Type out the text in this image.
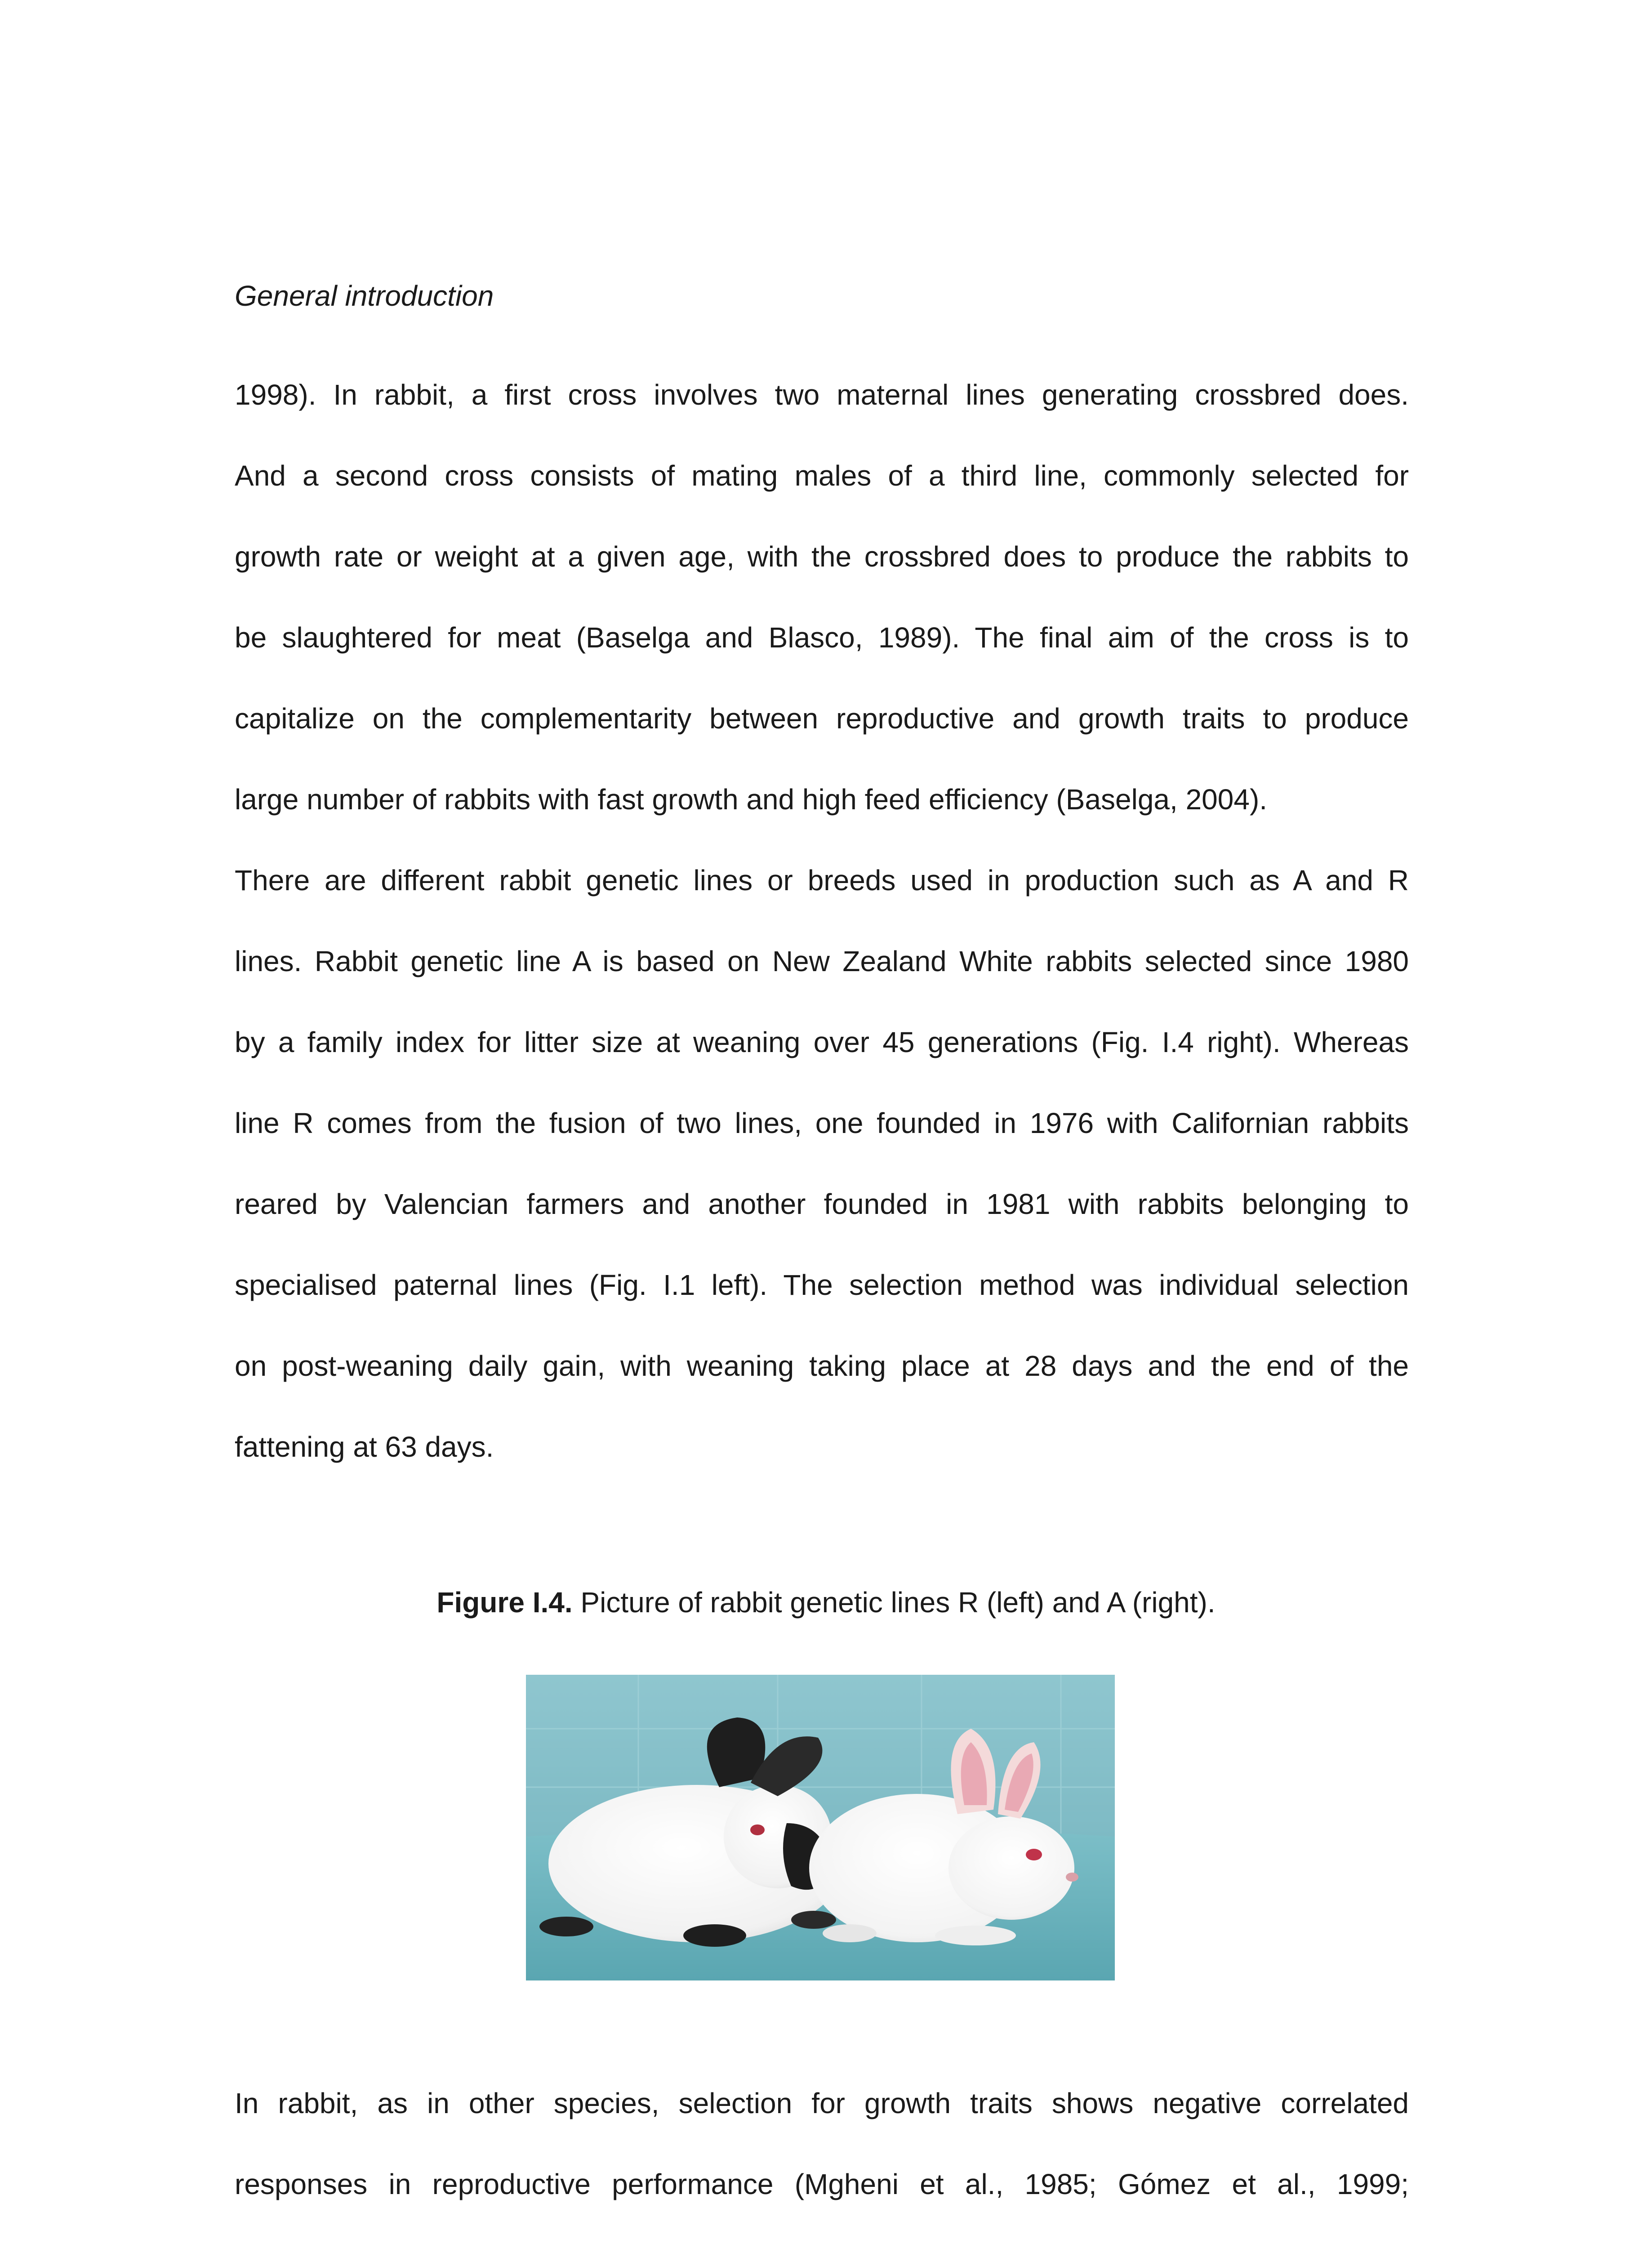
General introduction
1998). In rabbit, a first cross involves two maternal lines generating crossbred does.
And a second cross consists of mating males of a third line, commonly selected for
growth rate or weight at a given age, with the crossbred does to produce the rabbits to
be slaughtered for meat (Baselga and Blasco, 1989). The final aim of the cross is to
capitalize on the complementarity between reproductive and growth traits to produce
large number of rabbits with fast growth and high feed efficiency (Baselga, 2004).
There are different rabbit genetic lines or breeds used in production such as A and R
lines. Rabbit genetic line A is based on New Zealand White rabbits selected since 1980
by a family index for litter size at weaning over 45 generations (Fig. I.4 right). Whereas
line R comes from the fusion of two lines, one founded in 1976 with Californian rabbits
reared by Valencian farmers and another founded in 1981 with rabbits belonging to
specialised paternal lines (Fig. I.1 left). The selection method was individual selection
on post-weaning daily gain, with weaning taking place at 28 days and the end of the
fattening at 63 days.
Figure I.4. Picture of rabbit genetic lines R (left) and A (right).
In rabbit, as in other species, selection for growth traits shows negative correlated
responses in reproductive performance (Mgheni et al., 1985; Gómez et al., 1999;
